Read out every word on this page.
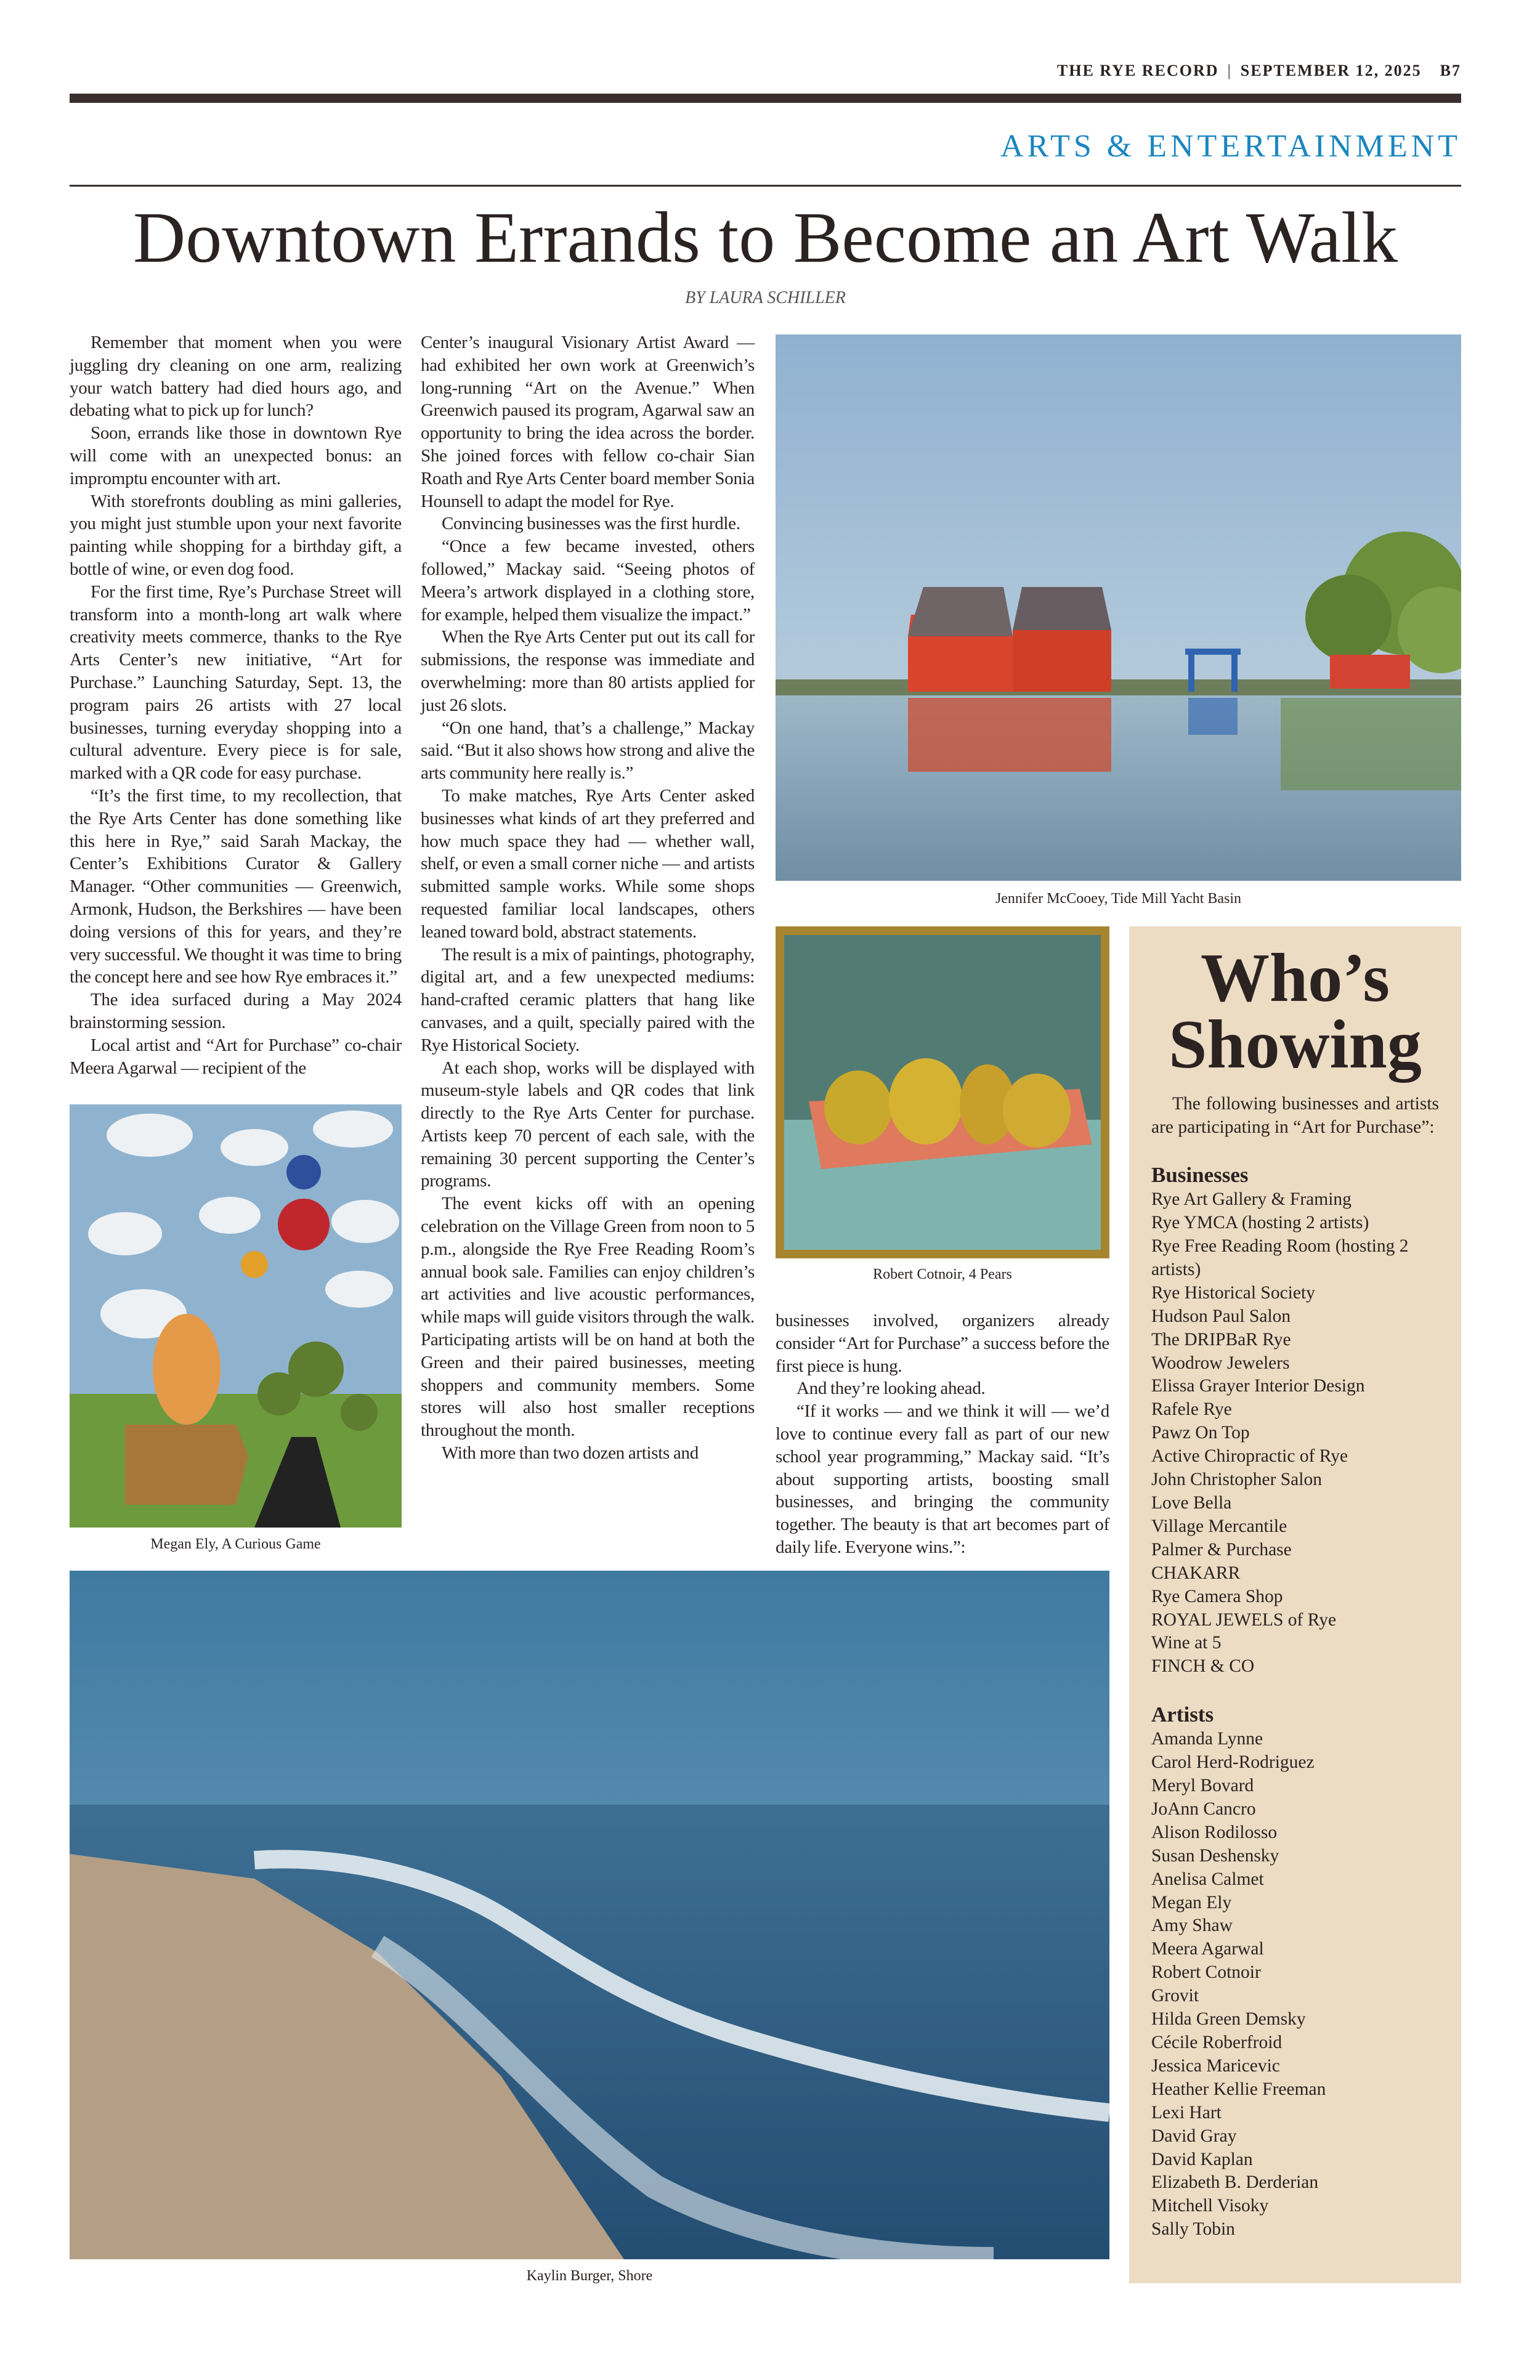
THE RYE RECORD | SEPTEMBER 12, 2025 B7
ARTS & ENTERTAINMENT
Downtown Errands to Become an Art Walk
BY LAURA SCHILLER

Remember that moment when you were juggling dry cleaning on one arm, realizing your watch battery had died hours ago, and debating what to pick up for lunch?

Soon, errands like those in downtown Rye will come with an unexpected bonus: an impromptu encounter with art.

With storefronts doubling as mini galleries, you might just stumble upon your next favorite painting while shopping for a birthday gift, a bottle of wine, or even dog food.

For the first time, Rye’s Purchase Street will transform into a month-long art walk where creativity meets commerce, thanks to the Rye Arts Center’s new initiative, “Art for Purchase.” Launching Saturday, Sept. 13, the program pairs 26 artists with 27 local businesses, turning everyday shopping into a cultural adventure. Every piece is for sale, marked with a QR code for easy purchase.

“It’s the first time, to my recollection, that the Rye Arts Center has done something like this here in Rye,” said Sarah Mackay, the Center’s Exhibitions Curator & Gallery Manager. “Other communities — Greenwich, Armonk, Hudson, the Berkshires — have been doing versions of this for years, and they’re very successful. We thought it was time to bring the concept here and see how Rye embraces it.”

The idea surfaced during a May 2024 brainstorming session.

Local artist and “Art for Purchase” co-chair Meera Agarwal — recipient of the

Center’s inaugural Visionary Artist Award — had exhibited her own work at Greenwich’s long-running “Art on the Avenue.” When Greenwich paused its program, Agarwal saw an opportunity to bring the idea across the border. She joined forces with fellow co-chair Sian Roath and Rye Arts Center board member Sonia Hounsell to adapt the model for Rye.

Convincing businesses was the first hurdle.

“Once a few became invested, others followed,” Mackay said. “Seeing photos of Meera’s artwork displayed in a clothing store, for example, helped them visualize the impact.”

When the Rye Arts Center put out its call for submissions, the response was immediate and overwhelming: more than 80 artists applied for just 26 slots.

“On one hand, that’s a challenge,” Mackay said. “But it also shows how strong and alive the arts community here really is.”

To make matches, Rye Arts Center asked businesses what kinds of art they preferred and how much space they had — whether wall, shelf, or even a small corner niche — and artists submitted sample works. While some shops requested familiar local landscapes, others leaned toward bold, abstract statements.

The result is a mix of paintings, photography, digital art, and a few unexpected mediums: hand-crafted ceramic platters that hang like canvases, and a quilt, specially paired with the Rye Historical Society.

At each shop, works will be displayed with museum-style labels and QR codes that link directly to the Rye Arts Center for purchase. Artists keep 70 percent of each sale, with the remaining 30 percent supporting the Center’s programs.

The event kicks off with an opening celebration on the Village Green from noon to 5 p.m., alongside the Rye Free Reading Room’s annual book sale. Families can enjoy children’s art activities and live acoustic performances, while maps will guide visitors through the walk. Participating artists will be on hand at both the Green and their paired businesses, meeting shoppers and community members. Some stores will also host smaller receptions throughout the month.

With more than two dozen artists and

businesses involved, organizers already consider “Art for Purchase” a success before the first piece is hung.

And they’re looking ahead.

“If it works — and we think it will — we’d love to continue every fall as part of our new school year programming,” Mackay said. “It’s about supporting artists, boosting small businesses, and bringing the community together. The beauty is that art becomes part of daily life. Everyone wins.”:

Jennifer McCooey, Tide Mill Yacht Basin
Robert Cotnoir, 4 Pears
Megan Ely, A Curious Game
Kaylin Burger, Shore
Who’s
Showing
The following businesses and artists are participating in “Art for Purchase”:
Businesses
Rye Art Gallery & Framing
Rye YMCA (hosting 2 artists)
Rye Free Reading Room (hosting 2 artists)
Rye Historical Society
Hudson Paul Salon
The DRIPBaR Rye
Woodrow Jewelers
Elissa Grayer Interior Design
Rafele Rye
Pawz On Top
Active Chiropractic of Rye
John Christopher Salon
Love Bella
Village Mercantile
Palmer & Purchase
CHAKARR
Rye Camera Shop
ROYAL JEWELS of Rye
Wine at 5
FINCH & CO
Artists
Amanda Lynne
Carol Herd-Rodriguez
Meryl Bovard
JoAnn Cancro
Alison Rodilosso
Susan Deshensky
Anelisa Calmet
Megan Ely
Amy Shaw
Meera Agarwal
Robert Cotnoir
Grovit
Hilda Green Demsky
Cécile Roberfroid
Jessica Maricevic
Heather Kellie Freeman
Lexi Hart
David Gray
David Kaplan
Elizabeth B. Derderian
Mitchell Visoky
Sally Tobin
